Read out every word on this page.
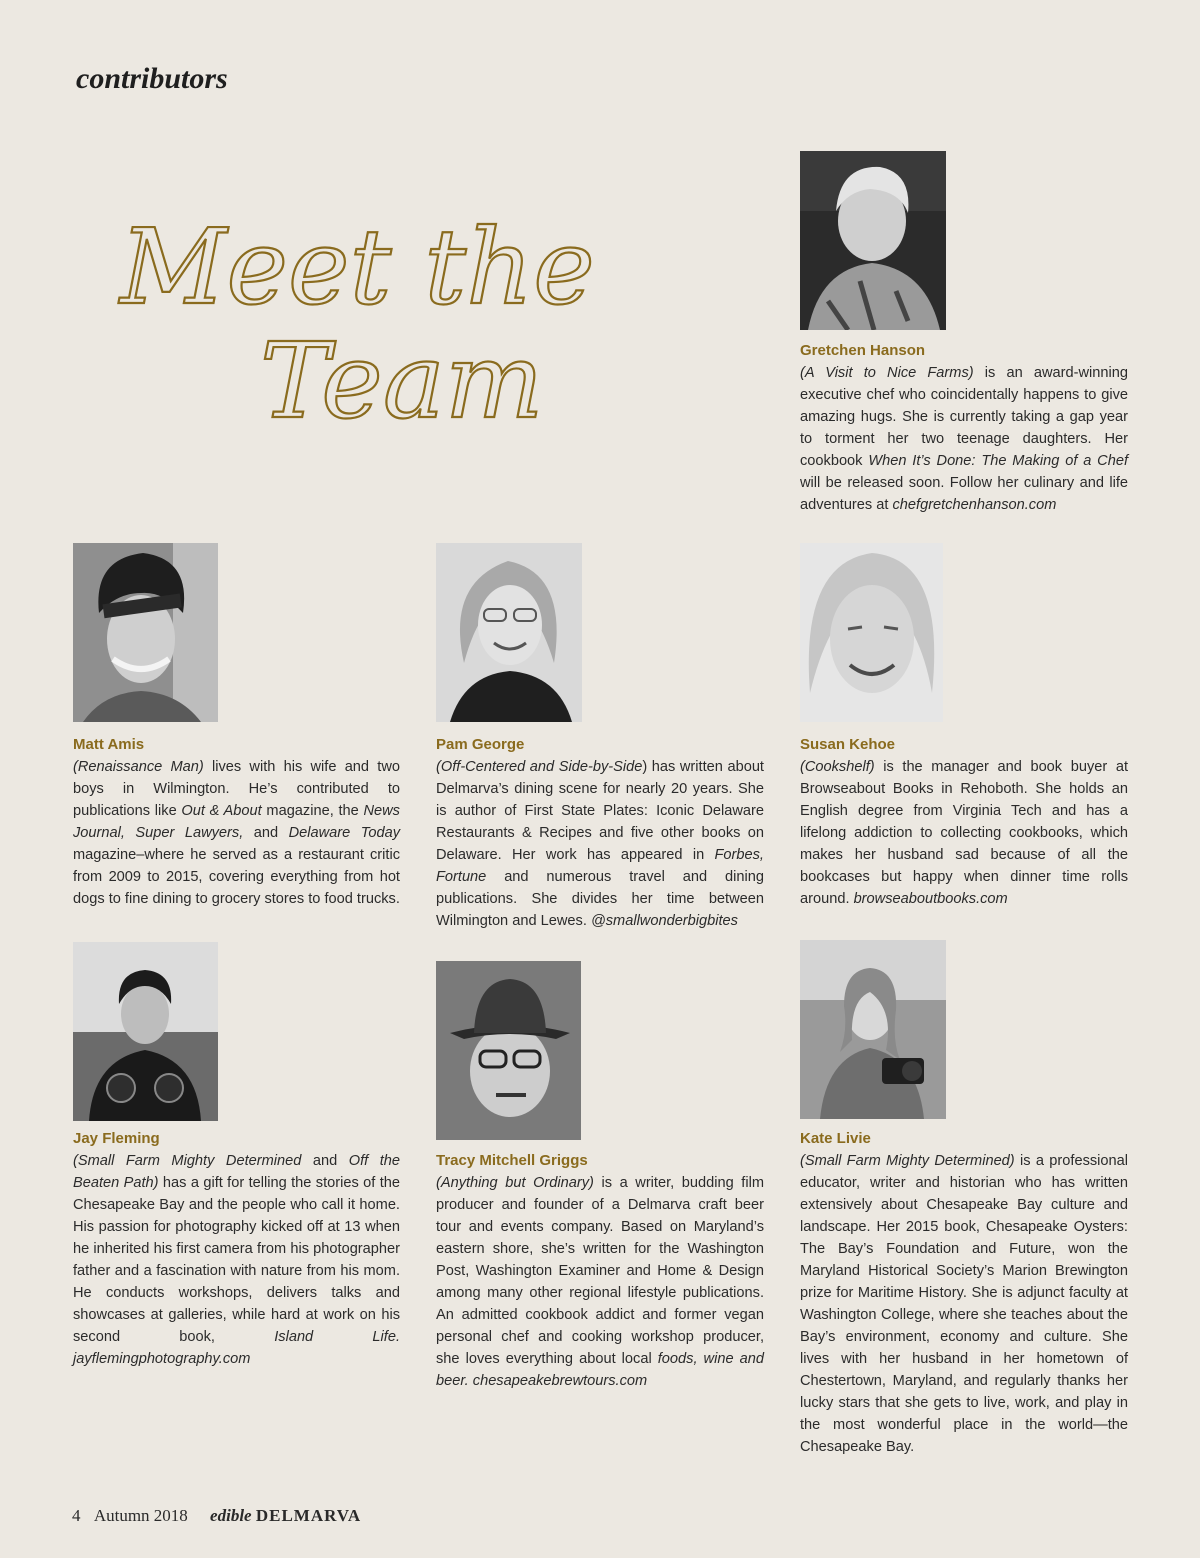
contributors
Meet the
Team	Gretchen Hanson
(A Visit to Nice Farms) is an award-winning executive chef who coincidentally happens to give amazing hugs. She is currently taking a gap year to torment her two teenage daughters. Her cookbook When It’s Done: The Making of a Chef will be released soon. Follow her culinary and life adventures at chefgretchenhanson.com
Matt Amis
(Renaissance Man) lives with his wife and two boys in Wilmington. He’s contributed to publications like Out & About magazine, the News Journal, Super Lawyers, and Delaware Today magazine–where he served as a restaurant critic from 2009 to 2015, covering everything from hot dogs to fine dining to grocery stores to food trucks.
Pam George
(Off-Centered and Side-by-Side) has written about Delmarva’s dining scene for nearly 20 years. She is author of First State Plates: Iconic Delaware Restaurants & Recipes and five other books on Delaware. Her work has appeared in Forbes, Fortune and numerous travel and dining publications. She divides her time between Wilmington and Lewes. @smallwonderbigbites
Susan Kehoe
(Cookshelf) is the manager and book buyer at Browseabout Books in Rehoboth. She holds an English degree from Virginia Tech and has a lifelong addiction to collecting cookbooks, which makes her husband sad because of all the bookcases but happy when dinner time rolls around. browseaboutbooks.com
Jay Fleming
(Small Farm Mighty Determined and Off the Beaten Path) has a gift for telling the stories of the Chesapeake Bay and the people who call it home. His passion for photography kicked off at 13 when he inherited his first camera from his photographer father and a fascination with nature from his mom. He conducts workshops, delivers talks and showcases at galleries, while hard at work on his second book, Island Life. jayflemingphotography.com
Tracy Mitchell Griggs
(Anything but Ordinary) is a writer, budding film producer and founder of a Delmarva craft beer tour and events company. Based on Maryland’s eastern shore, she’s written for the Washington Post, Washington Examiner and Home & Design among many other regional lifestyle publications. An admitted cookbook addict and former vegan personal chef and cooking workshop producer, she loves everything about local foods, wine and beer. chesapeakebrewtours.com
Kate Livie
(Small Farm Mighty Determined) is a professional educator, writer and historian who has written extensively about Chesapeake Bay culture and landscape. Her 2015 book, Chesapeake Oysters: The Bay’s Foundation and Future, won the Maryland Historical Society’s Marion Brewington prize for Maritime History. She is adjunct faculty at Washington College, where she teaches about the Bay’s environment, economy and culture. She lives with her husband in her hometown of Chestertown, Maryland, and regularly thanks her lucky stars that she gets to live, work, and play in the most wonderful place in the world—the Chesapeake Bay.
4 Autumn 2018 edible DELMARVA
